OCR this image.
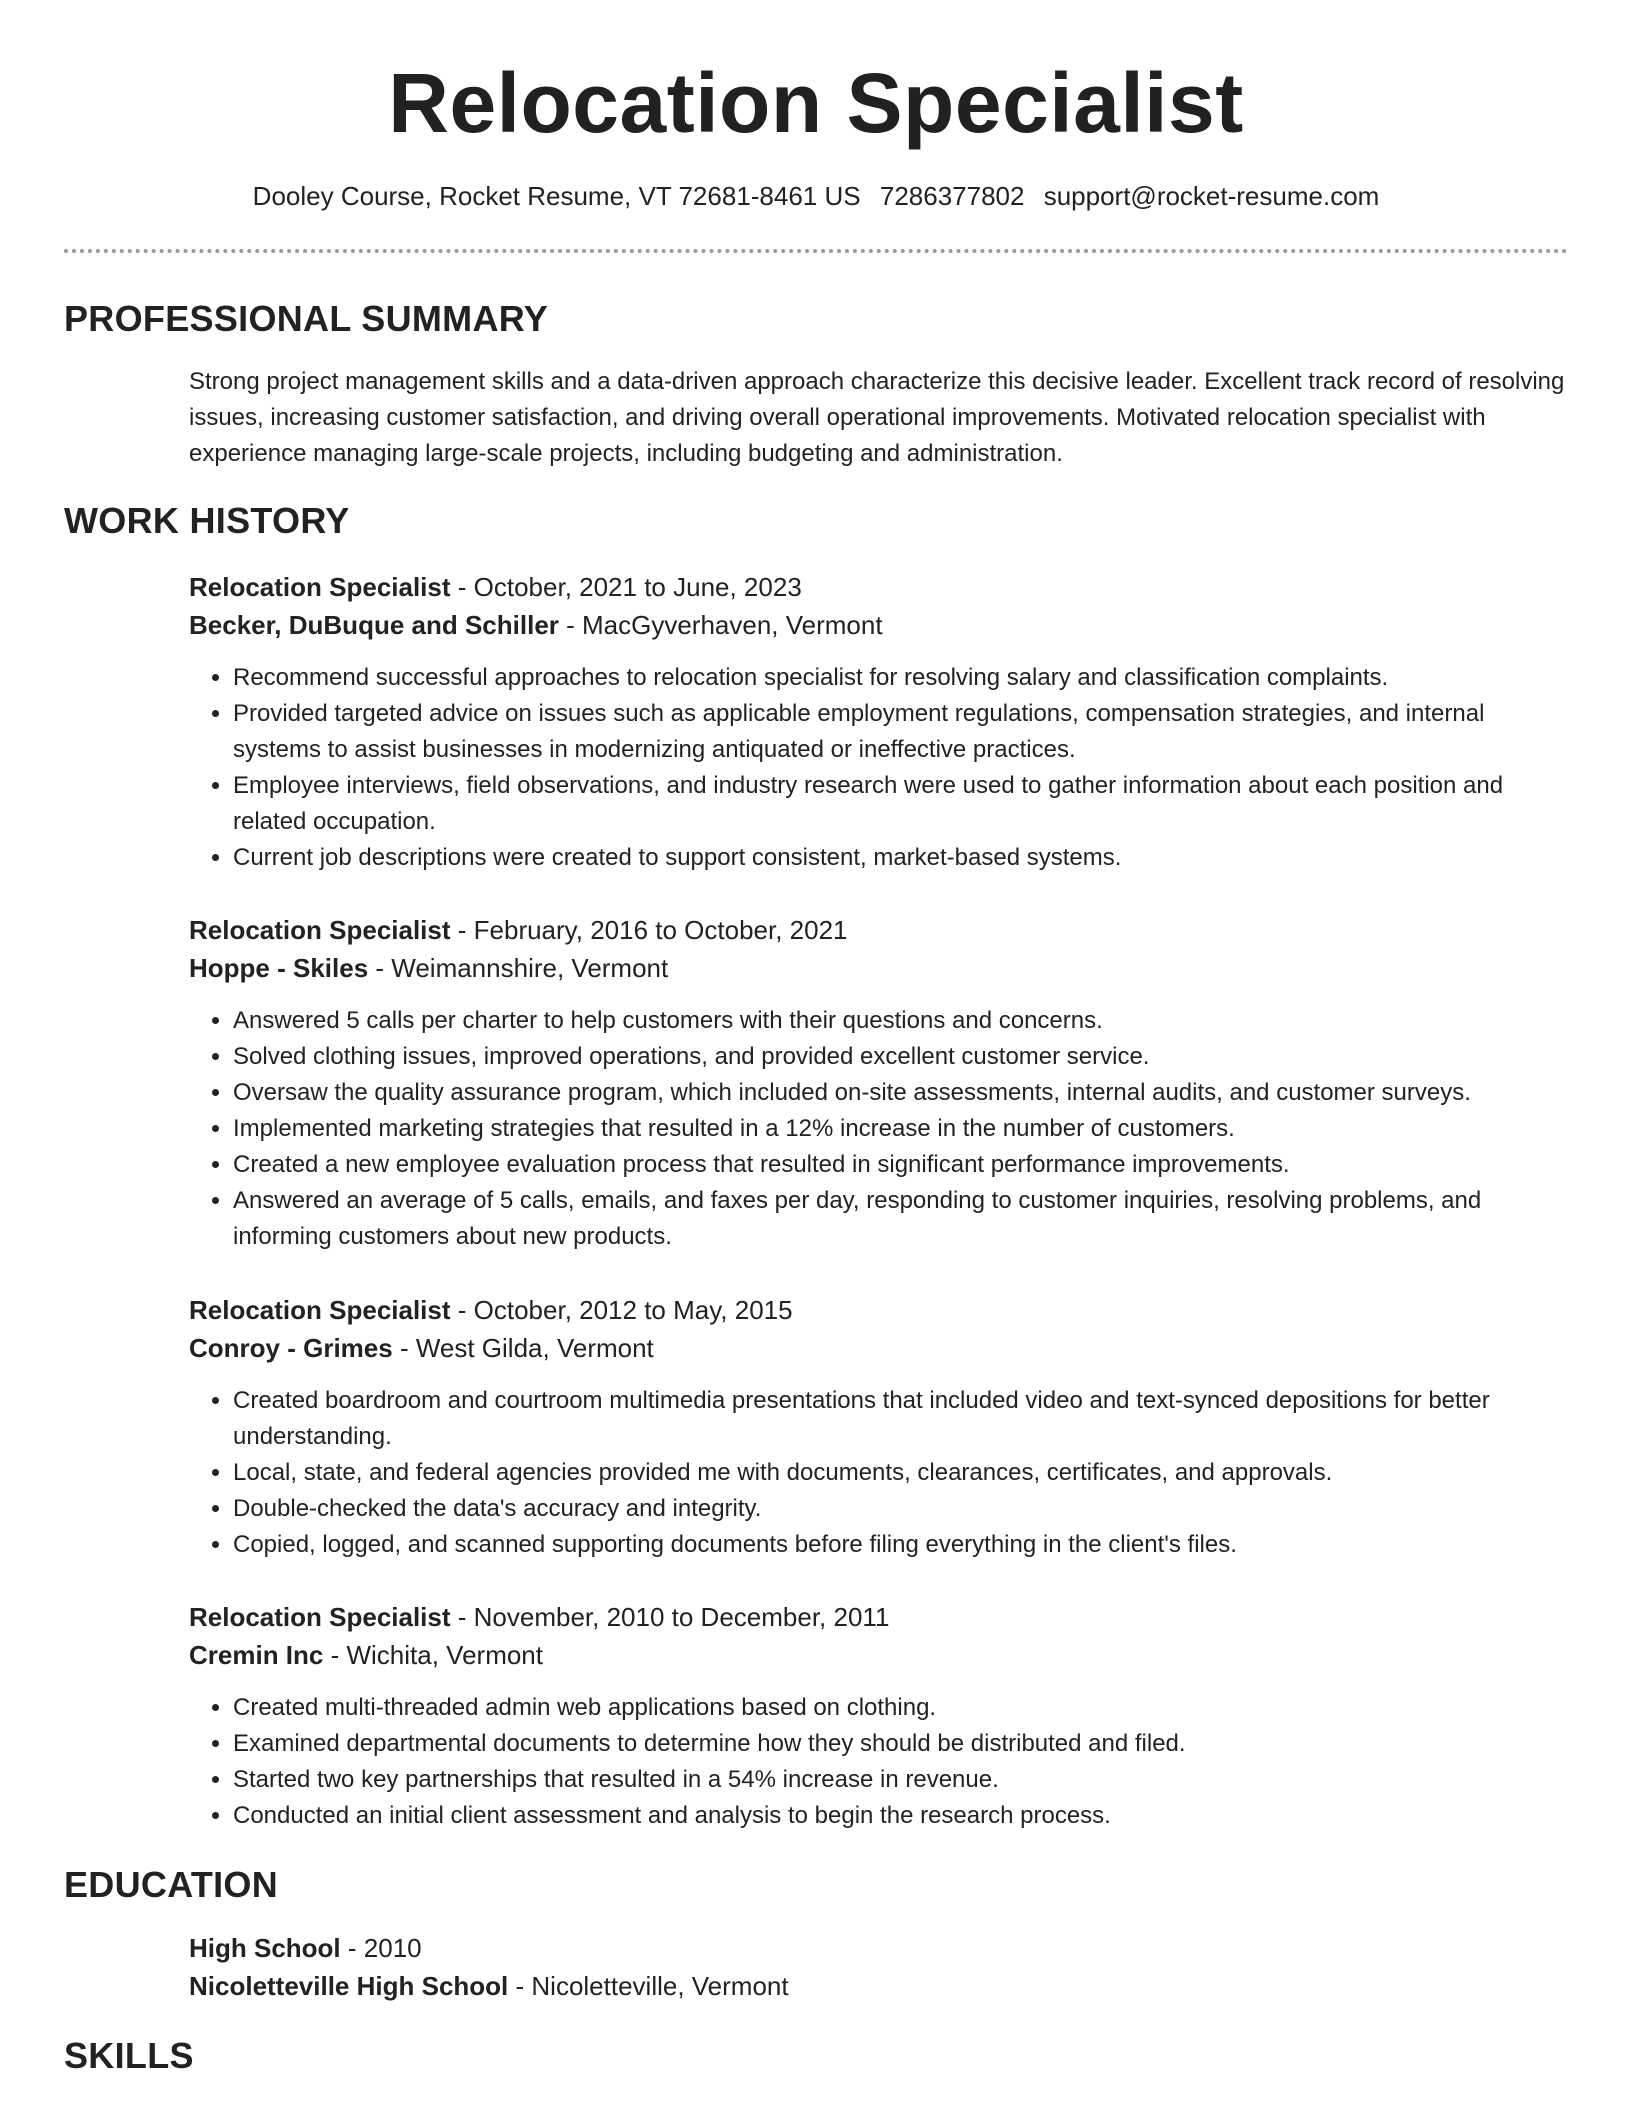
Relocation Specialist
Dooley Course, Rocket Resume, VT 72681-8461 US 7286377802 support@rocket-resume.com
PROFESSIONAL SUMMARY

Strong project management skills and a data-driven approach characterize this decisive leader. Excellent track record of resolving issues, increasing customer satisfaction, and driving overall operational improvements. Motivated relocation specialist with experience managing large-scale projects, including budgeting and administration.

WORK HISTORY

Relocation Specialist - October, 2021 to June, 2023

Becker, DuBuque and Schiller - MacGyverhaven, Vermont

• Recommend successful approaches to relocation specialist for resolving salary and classification complaints.
• Provided targeted advice on issues such as applicable employment regulations, compensation strategies, and internal systems to assist businesses in modernizing antiquated or ineffective practices.
• Employee interviews, field observations, and industry research were used to gather information about each position and related occupation.
• Current job descriptions were created to support consistent, market-based systems.

Relocation Specialist - February, 2016 to October, 2021

Hoppe - Skiles - Weimannshire, Vermont

• Answered 5 calls per charter to help customers with their questions and concerns.
• Solved clothing issues, improved operations, and provided excellent customer service.
• Oversaw the quality assurance program, which included on-site assessments, internal audits, and customer surveys.
• Implemented marketing strategies that resulted in a 12% increase in the number of customers.
• Created a new employee evaluation process that resulted in significant performance improvements.
• Answered an average of 5 calls, emails, and faxes per day, responding to customer inquiries, resolving problems, and informing customers about new products.

Relocation Specialist - October, 2012 to May, 2015

Conroy - Grimes - West Gilda, Vermont

• Created boardroom and courtroom multimedia presentations that included video and text-synced depositions for better understanding.
• Local, state, and federal agencies provided me with documents, clearances, certificates, and approvals.
• Double-checked the data's accuracy and integrity.
• Copied, logged, and scanned supporting documents before filing everything in the client's files.

Relocation Specialist - November, 2010 to December, 2011

Cremin Inc - Wichita, Vermont

• Created multi-threaded admin web applications based on clothing.
• Examined departmental documents to determine how they should be distributed and filed.
• Started two key partnerships that resulted in a 54% increase in revenue.
• Conducted an initial client assessment and analysis to begin the research process.
EDUCATION

High School - 2010

Nicoletteville High School - Nicoletteville, Vermont

SKILLS
